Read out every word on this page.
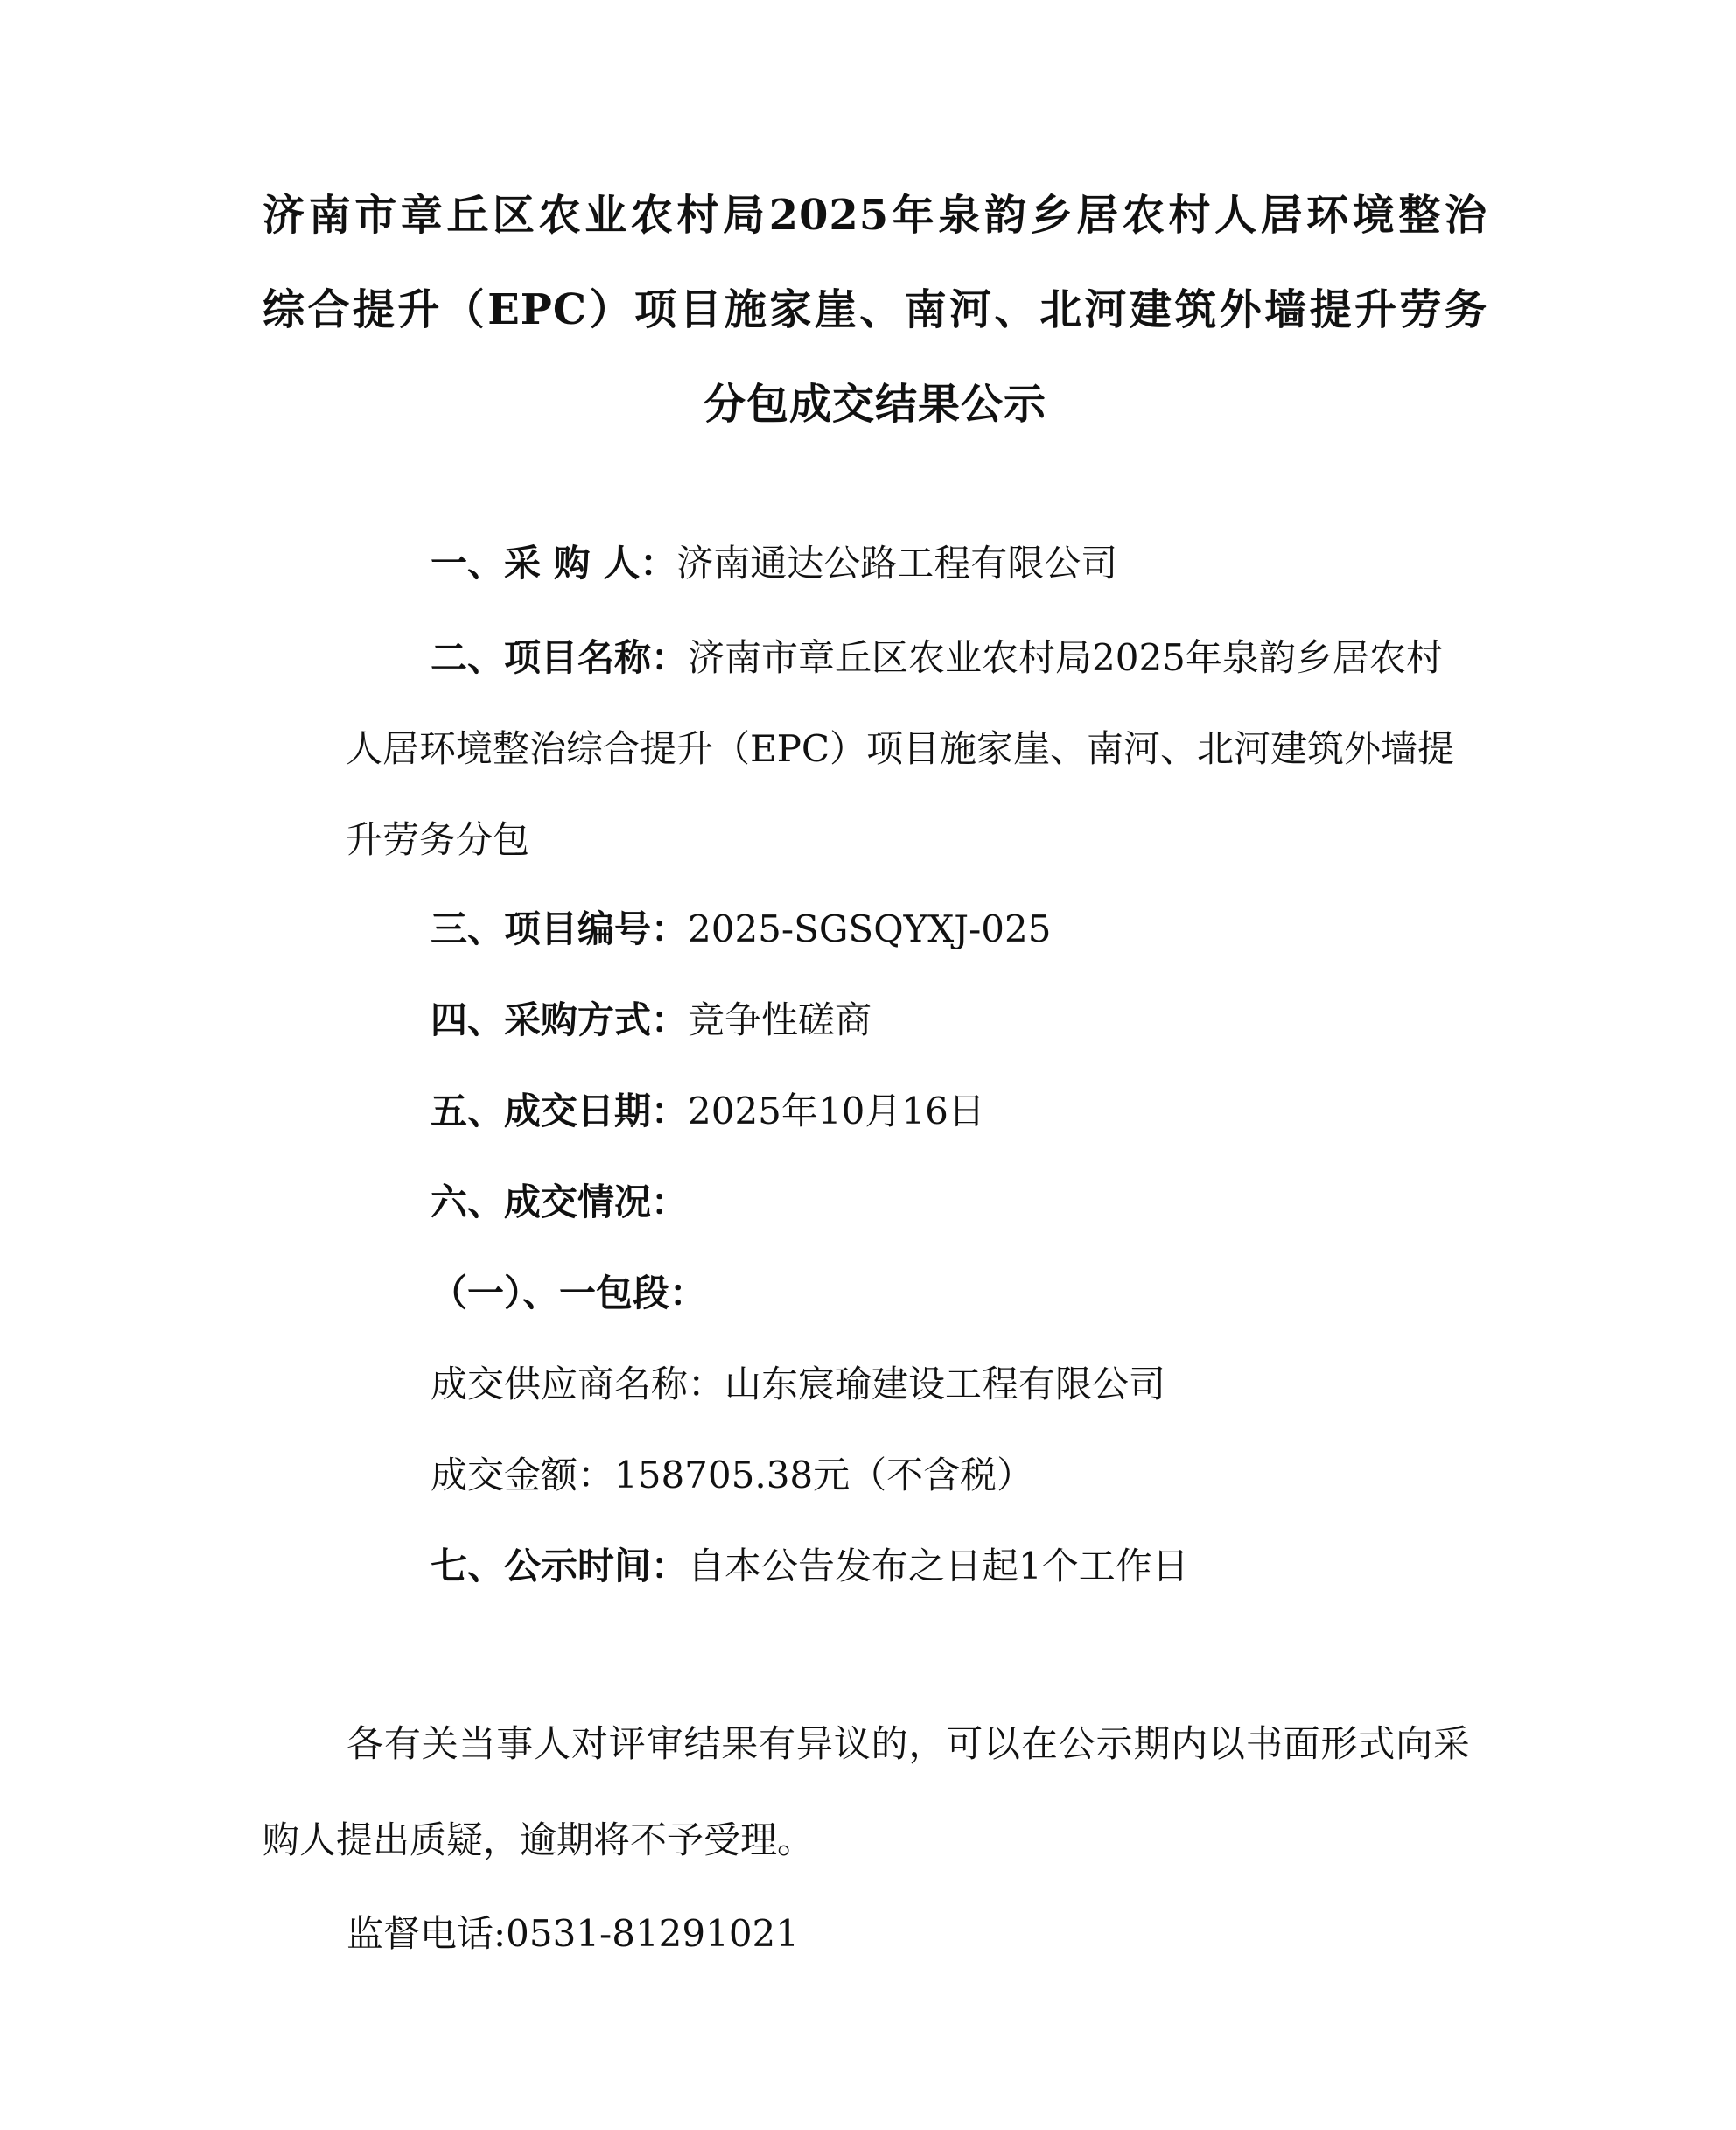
济南市章丘区农业农村局2025年泉韵乡居农村人居环境整治
综合提升（EPC）项目施家崖、南河、北河建筑外墙提升劳务
分包成交结果公示
一、采 购 人：济南通达公路工程有限公司
二、项目名称：济南市章丘区农业农村局2025年泉韵乡居农村人居环境整治综合提升（EPC）项目施家崖、南河、北河建筑外墙提升劳务分包
三、项目编号：2025-SGSQYXJ-025
四、采购方式：竞争性磋商
五、成交日期：2025年10月16日
六、成交情况：
（一）、一包段：
成交供应商名称：山东宸瑜建设工程有限公司
成交金额：158705.38元（不含税）
七、公示时间：自本公告发布之日起1个工作日
各有关当事人对评审结果有异议的，可以在公示期内以书面形式向采购人提出质疑，逾期将不予受理。
监督电话:0531-81291021
